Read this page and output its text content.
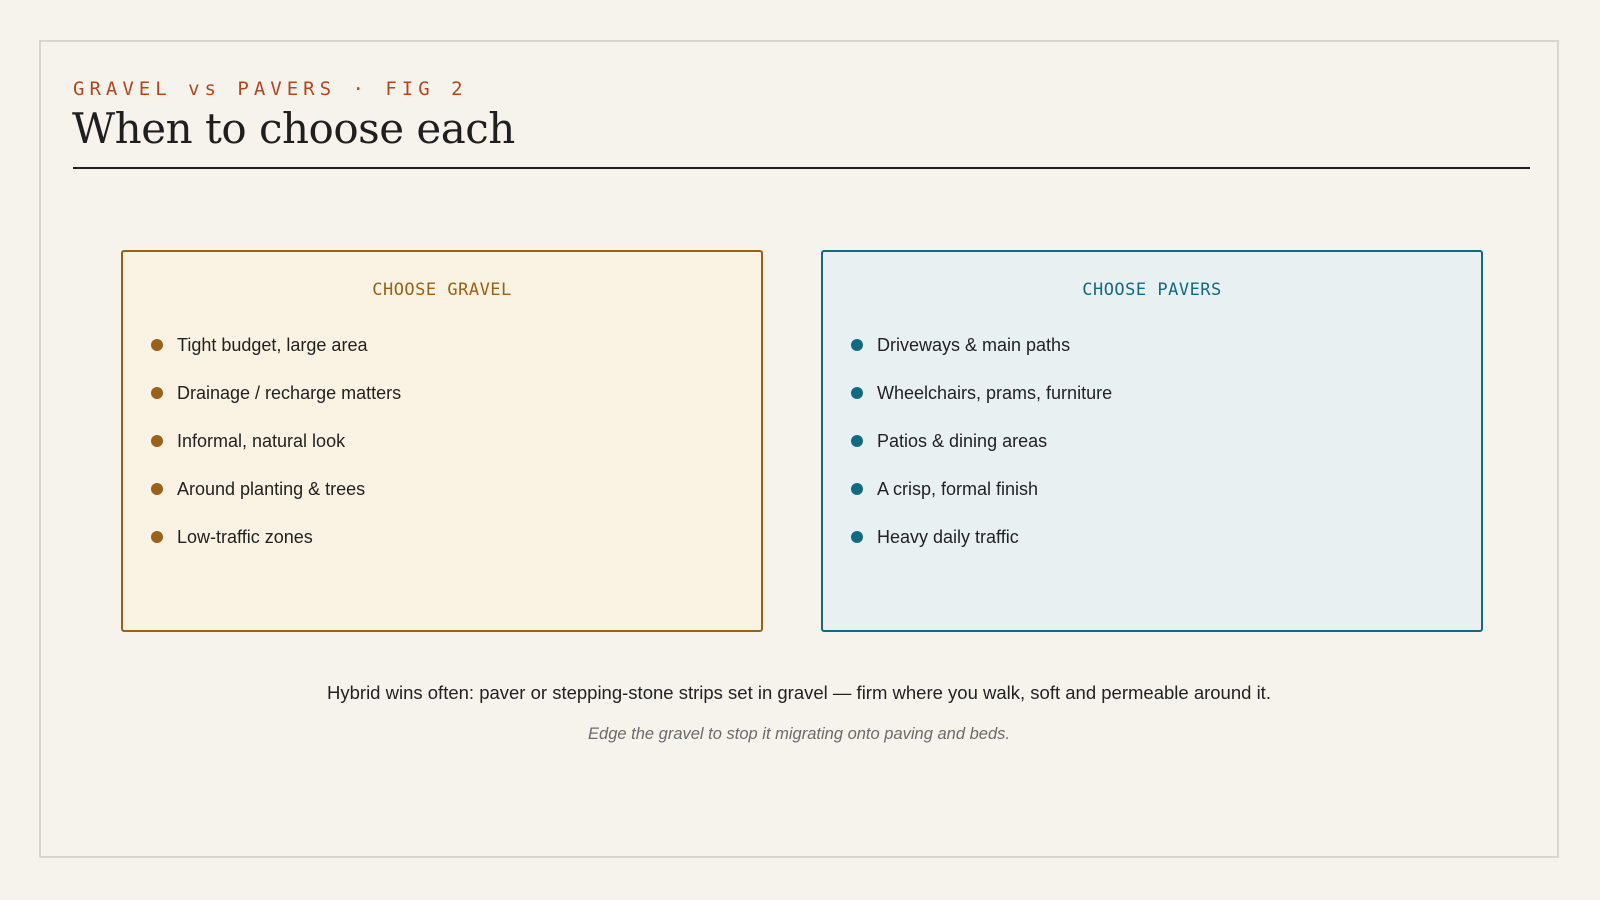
GRAVEL vs PAVERS · FIG 2
When to choose each
CHOOSE GRAVEL
Tight budget, large area
Drainage / recharge matters
Informal, natural look
Around planting & trees
Low-traffic zones
CHOOSE PAVERS
Driveways & main paths
Wheelchairs, prams, furniture
Patios & dining areas
A crisp, formal finish
Heavy daily traffic
Hybrid wins often: paver or stepping-stone strips set in gravel — firm where you walk, soft and permeable around it.
Edge the gravel to stop it migrating onto paving and beds.
